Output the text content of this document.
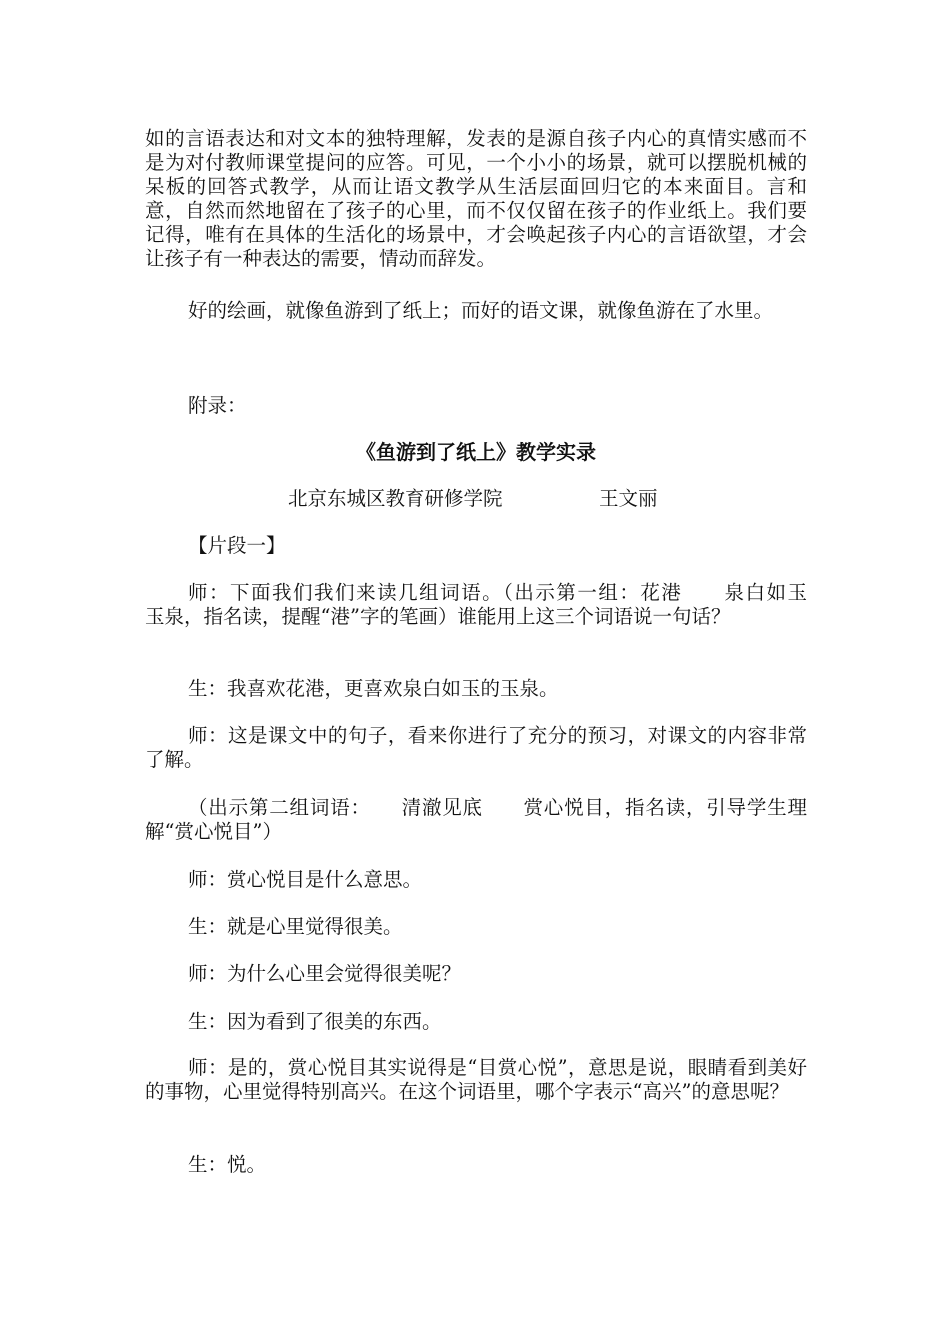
如的言语表达和对文本的独特理解，发表的是源自孩子内心的真情实感而不是为对付教师课堂提问的应答。可见，一个小小的场景，就可以摆脱机械的呆板的回答式教学，从而让语文教学从生活层面回归它的本来面目。言和意，自然而然地留在了孩子的心里，而不仅仅留在孩子的作业纸上。我们要记得，唯有在具体的生活化的场景中，才会唤起孩子内心的言语欲望，才会让孩子有一种表达的需要，情动而辞发。

好的绘画，就像鱼游到了纸上；而好的语文课，就像鱼游在了水里。

附录：

《鱼游到了纸上》教学实录
北京东城区教育研修学院	王文丽

【片段一】

师：下面我们我们来读几组词语。（出示第一组：花港　　泉白如玉　　玉泉，指名读，提醒“港”字的笔画）谁能用上这三个词语说一句话？

生：我喜欢花港，更喜欢泉白如玉的玉泉。

师：这是课文中的句子，看来你进行了充分的预习，对课文的内容非常了解。

（出示第二组词语：　　清澈见底　　赏心悦目，指名读，引导学生理解“赏心悦目”）

师：赏心悦目是什么意思。

生：就是心里觉得很美。

师：为什么心里会觉得很美呢？

生：因为看到了很美的东西。

师：是的，赏心悦目其实说得是“目赏心悦”，意思是说，眼睛看到美好的事物，心里觉得特别高兴。在这个词语里，哪个字表示“高兴”的意思呢？

生：悦。
